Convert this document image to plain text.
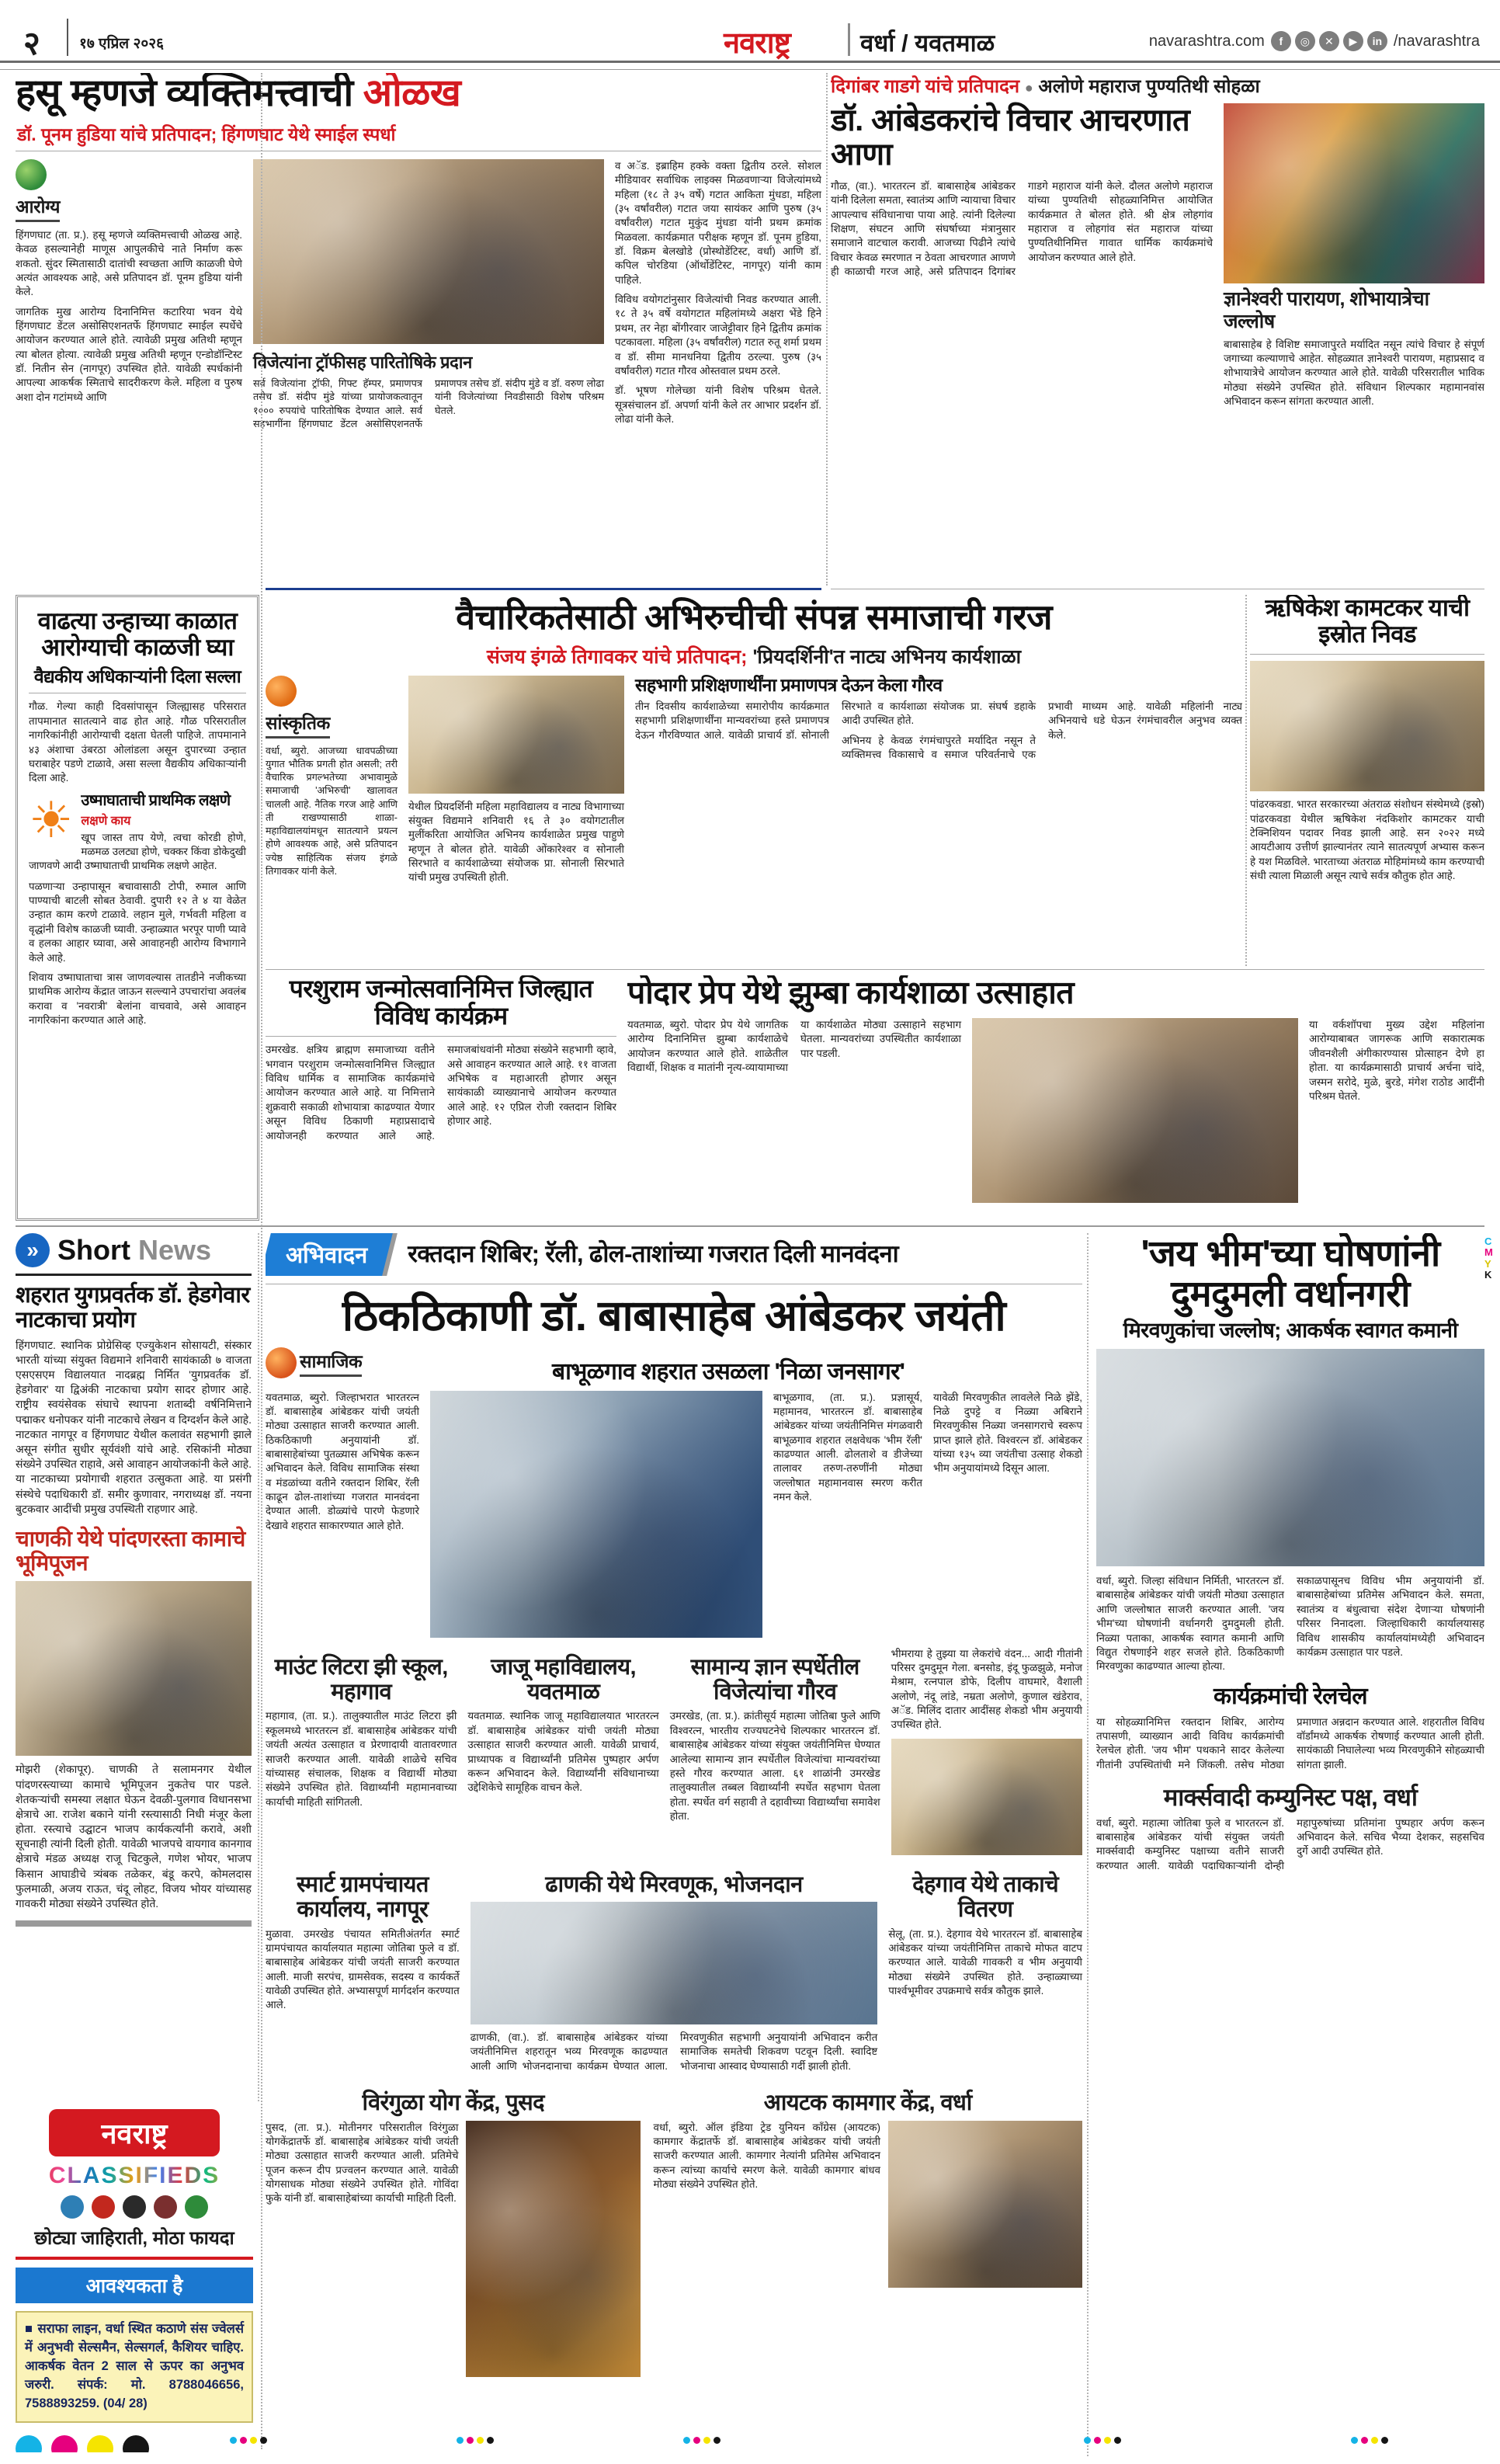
२	१७ एप्रिल २०२६	नवराष्ट्र	वर्धा / यवतमाळ	navarashtra.com	f	◎	✕	▶	in /navarashtra
हसू म्हणजे व्यक्तिमत्त्वाची ओळख
डॉ. पूनम हुडिया यांचे प्रतिपादन; हिंगणघाट येथे स्माईल स्पर्धा
आरोग्य

हिंगणघाट (ता. प्र.). हसू म्हणजे व्यक्तिमत्त्वाची ओळख आहे. केवळ हसल्यानेही माणूस आपुलकीचे नाते निर्माण करू शकतो. सुंदर स्मितासाठी दातांची स्वच्छता आणि काळजी घेणे अत्यंत आवश्यक आहे, असे प्रतिपादन डॉ. पूनम हुडिया यांनी केले.

जागतिक मुख आरोग्य दिनानिमित्त कटारिया भवन येथे हिंगणघाट डेंटल असोसिएशनतर्फे हिंगणघाट स्माईल स्पर्धेचे आयोजन करण्यात आले होते. त्यावेळी प्रमुख अतिथी म्हणून त्या बोलत होत्या. त्यावेळी प्रमुख अतिथी म्हणून एन्डोडॉन्टिस्ट डॉ. नितीन सेन (नागपूर) उपस्थित होते. यावेळी स्पर्धकांनी आपल्या आकर्षक स्मिताचे सादरीकरण केले. महिला व पुरुष अशा दोन गटांमध्ये आणि

विजेत्यांना ट्रॉफीसह पारितोषिके प्रदान
सर्व विजेत्यांना ट्रॉफी, गिफ्ट हॅम्पर, प्रमाणपत्र तसेच डॉ. संदीप मुंडे यांच्या प्रायोजकत्वातून १००० रुपयांचे पारितोषिक देण्यात आले. सर्व सहभागींना हिंगणघाट डेंटल असोसिएशनतर्फे प्रमाणपत्र तसेच डॉ. संदीप मुंडे व डॉ. वरुण लोढा यांनी विजेत्यांच्या निवडीसाठी विशेष परिश्रम घेतले.

व अॅड. इब्राहिम हक्के वक्ता द्वितीय ठरले. सोशल मीडियावर सर्वाधिक लाइक्स मिळवणाऱ्या विजेत्यांमध्ये महिला (१८ ते ३५ वर्षे) गटात आकिता मुंधडा, महिला (३५ वर्षांवरील) गटात जया सायंकर आणि पुरुष (३५ वर्षांवरील) गटात मुकुंद मुंधडा यांनी प्रथम क्रमांक मिळवला. कार्यक्रमात परीक्षक म्हणून डॉ. पूनम हुडिया, डॉ. विक्रम बेलखोडे (प्रोस्थोडेंटिस्ट, वर्धा) आणि डॉ. कपिल चोरडिया (ऑर्थोडेंटिस्ट, नागपूर) यांनी काम पाहिले.

विविध वयोगटांनुसार विजेत्यांची निवड करण्यात आली. १८ ते ३५ वर्षे वयोगटात महिलांमध्ये अक्षरा भेंडे हिने प्रथम, तर नेहा बोंगीरवार जाजेट्टीवार हिने द्वितीय क्रमांक पटकावला. महिला (३५ वर्षांवरील) गटात रुतू शर्मा प्रथम व डॉ. सीमा मानधनिया द्वितीय ठरल्या. पुरुष (३५ वर्षांवरील) गटात गौरव ओस्तवाल प्रथम ठरले.

डॉ. भूषण गोलेच्छा यांनी विशेष परिश्रम घेतले. सूत्रसंचालन डॉ. अपर्णा यांनी केले तर आभार प्रदर्शन डॉ. लोढा यांनी केले.

दिगांबर गाडगे यांचे प्रतिपादन ● अलोणे महाराज पुण्यतिथी सोहळा
डॉ. आंबेडकरांचे विचार आचरणात आणा
गौळ, (वा.). भारतरत्न डॉ. बाबासाहेब आंबेडकर यांनी दिलेला समता, स्वातंत्र्य आणि न्यायाचा विचार आपल्याच संविधानाचा पाया आहे. त्यांनी दिलेल्या शिक्षण, संघटन आणि संघर्षाच्या मंत्रानुसार समाजाने वाटचाल करावी. आजच्या पिढीने त्यांचे विचार केवळ स्मरणात न ठेवता आचरणात आणणे ही काळाची गरज आहे, असे प्रतिपादन दिगांबर गाडगे महाराज यांनी केले. दौलत अलोणे महाराज यांच्या पुण्यतिथी सोहळ्यानिमित्त आयोजित कार्यक्रमात ते बोलत होते. श्री क्षेत्र लोहगांव महाराज व लोहगांव संत महाराज यांच्या पुण्यतिथीनिमित्त गावात धार्मिक कार्यक्रमांचे आयोजन करण्यात आले होते.
ज्ञानेश्वरी पारायण, शोभायात्रेचा जल्लोष
बाबासाहेब हे विशिष्ट समाजापुरते मर्यादित नसून त्यांचे विचार हे संपूर्ण जगाच्या कल्याणाचे आहेत. सोहळ्यात ज्ञानेश्वरी पारायण, महाप्रसाद व शोभायात्रेचे आयोजन करण्यात आले होते. यावेळी परिसरातील भाविक मोठ्या संख्येने उपस्थित होते. संविधान शिल्पकार महामानवांस अभिवादन करून सांगता करण्यात आली.
वाढत्या उन्हाच्या काळात आरोग्याची काळजी घ्या
वैद्यकीय अधिकाऱ्यांनी दिला सल्ला

गौळ. गेल्या काही दिवसांपासून जिल्ह्यासह परिसरात तापमानात सातत्याने वाढ होत आहे. गौळ परिसरातील नागरिकांनीही आरोग्याची दक्षता घेतली पाहिजे. तापमानाने ४३ अंशाचा उंबरठा ओलांडला असून दुपारच्या उन्हात घराबाहेर पडणे टाळावे, असा सल्ला वैद्यकीय अधिकाऱ्यांनी दिला आहे.

☀ उष्माघाताची प्राथमिक लक्षणे
लक्षणे काय
खूप जास्त ताप येणे, त्वचा कोरडी होणे, मळमळ उलट्या होणे, चक्कर किंवा डोकेदुखी जाणवणे आदी उष्माघाताची प्राथमिक लक्षणे आहेत.

पळणाऱ्या उन्हापासून बचावासाठी टोपी, रुमाल आणि पाण्याची बाटली सोबत ठेवावी. दुपारी १२ ते ४ या वेळेत उन्हात काम करणे टाळावे. लहान मुले, गर्भवती महिला व वृद्धांनी विशेष काळजी घ्यावी. उन्हाळ्यात भरपूर पाणी प्यावे व हलका आहार घ्यावा, असे आवाहनही आरोग्य विभागाने केले आहे.

शिवाय उष्माघाताचा त्रास जाणवल्यास तातडीने नजीकच्या प्राथमिक आरोग्य केंद्रात जाऊन सल्ल्याने उपचारांचा अवलंब करावा व 'नवरात्री' बेलांना वाचवावे, असे आवाहन नागरिकांना करण्यात आले आहे.

वैचारिकतेसाठी अभिरुचीची संपन्न समाजाची गरज
संजय इंगळे तिगावकर यांचे प्रतिपादन; 'प्रियदर्शिनी'त नाट्य अभिनय कार्यशाळा
सांस्कृतिक
वर्धा, ब्युरो. आजच्या धावपळीच्या युगात भौतिक प्रगती होत असली; तरी वैचारिक प्रगल्भतेच्या अभावामुळे समाजाची 'अभिरुची' खालावत चालली आहे. नैतिक गरज आहे आणि ती राखण्यासाठी शाळा-महाविद्यालयांमधून सातत्याने प्रयत्न होणे आवश्यक आहे, असे प्रतिपादन ज्येष्ठ साहित्यिक संजय इंगळे तिगावकर यांनी केले.
येथील प्रियदर्शिनी महिला महाविद्यालय व नाट्य विभागाच्या संयुक्त विद्यमाने शनिवारी १६ ते ३० वयोगटातील मुलींकरिता आयोजित अभिनय कार्यशाळेत प्रमुख पाहुणे म्हणून ते बोलत होते. यावेळी ओंकारेश्वर व सोनाली सिरभाते व कार्यशाळेच्या संयोजक प्रा. सोनाली सिरभाते यांची प्रमुख उपस्थिती होती.
सहभागी प्रशिक्षणार्थींना प्रमाणपत्र देऊन केला गौरव

तीन दिवसीय कार्यशाळेच्या समारोपीय कार्यक्रमात सहभागी प्रशिक्षणार्थींना मान्यवरांच्या हस्ते प्रमाणपत्र देऊन गौरविण्यात आले. यावेळी प्राचार्य डॉ. सोनाली सिरभाते व कार्यशाळा संयोजक प्रा. संघर्ष डहाके आदी उपस्थित होते.

अभिनय हे केवळ रंगमंचापुरते मर्यादित नसून ते व्यक्तिमत्त्व विकासाचे व समाज परिवर्तनाचे एक प्रभावी माध्यम आहे. यावेळी महिलांनी नाट्य अभिनयाचे धडे घेऊन रंगमंचावरील अनुभव व्यक्त केले.

ऋषिकेश कामटकर याची इस्रोत निवड
पांढरकवडा. भारत सरकारच्या अंतराळ संशोधन संस्थेमध्ये (इस्रो) पांढरकवडा येथील ऋषिकेश नंदकिशोर कामटकर याची टेक्निशियन पदावर निवड झाली आहे. सन २०२२ मध्ये आयटीआय उत्तीर्ण झाल्यानंतर त्याने सातत्यपूर्ण अभ्यास करून हे यश मिळविले. भारताच्या अंतराळ मोहिमांमध्ये काम करण्याची संधी त्याला मिळाली असून त्याचे सर्वत्र कौतुक होत आहे.
परशुराम जन्मोत्सवानिमित्त जिल्ह्यात विविध कार्यक्रम
उमरखेड. क्षत्रिय ब्राह्मण समाजाच्या वतीने भगवान परशुराम जन्मोत्सवानिमित्त जिल्ह्यात विविध धार्मिक व सामाजिक कार्यक्रमांचे आयोजन करण्यात आले आहे. या निमित्ताने शुक्रवारी सकाळी शोभायात्रा काढण्यात येणार असून विविध ठिकाणी महाप्रसादाचे आयोजनही करण्यात आले आहे. समाजबांधवांनी मोठ्या संख्येने सहभागी व्हावे, असे आवाहन करण्यात आले आहे. ११ वाजता अभिषेक व महाआरती होणार असून सायंकाळी व्याख्यानाचे आयोजन करण्यात आले आहे. १२ एप्रिल रोजी रक्तदान शिबिर होणार आहे.
पोदार प्रेप येथे झुम्बा कार्यशाळा उत्साहात
यवतमाळ, ब्युरो. पोदार प्रेप येथे जागतिक आरोग्य दिनानिमित्त झुम्बा कार्यशाळेचे आयोजन करण्यात आले होते. शाळेतील विद्यार्थी, शिक्षक व मातांनी नृत्य-व्यायामाच्या या कार्यशाळेत मोठ्या उत्साहाने सहभाग घेतला. मान्यवरांच्या उपस्थितीत कार्यशाळा पार पडली.
या वर्कशॉपचा मुख्य उद्देश महिलांना आरोग्याबाबत जागरूक आणि सकारात्मक जीवनशैली अंगीकारण्यास प्रोत्साहन देणे हा होता. या कार्यक्रमासाठी प्राचार्य अर्चना चांदे, जस्मन सरोदे, मुळे, बुरडे, मंगेश राठोड आदींनी परिश्रम घेतले.
» Short News
शहरात युगप्रवर्तक डॉ. हेडगेवार नाटकाचा प्रयोग
हिंगणघाट. स्थानिक प्रोग्रेसिव्ह एज्युकेशन सोसायटी, संस्कार भारती यांच्या संयुक्त विद्यमाने शनिवारी सायंकाळी ७ वाजता एसएसएम विद्यालयात नादब्रह्म निर्मित 'युगप्रवर्तक डॉ. हेडगेवार' या द्विअंकी नाटकाचा प्रयोग सादर होणार आहे. राष्ट्रीय स्वयंसेवक संघाचे स्थापना शताब्दी वर्षनिमित्ताने पद्माकर धनोपकर यांनी नाटकाचे लेखन व दिग्दर्शन केले आहे. नाटकात नागपूर व हिंगणघाट येथील कलावंत सहभागी झाले असून संगीत सुधीर सूर्यवंशी यांचे आहे. रसिकांनी मोठ्या संख्येने उपस्थित राहावे, असे आवाहन आयोजकांनी केले आहे. या नाटकाच्या प्रयोगाची शहरात उत्सुकता आहे. या प्रसंगी संस्थेचे पदाधिकारी डॉ. समीर कुणावार, नगराध्यक्ष डॉ. नयना बुटकवार आदींची प्रमुख उपस्थिती राहणार आहे.
चाणकी येथे पांदणरस्ता कामाचे भूमिपूजन
मोझरी (शेकापूर). चाणकी ते सलामनगर येथील पांदणरस्त्याच्या कामाचे भूमिपूजन नुकतेच पार पडले. शेतकऱ्यांची समस्या लक्षात घेऊन देवळी-पुलगाव विधानसभा क्षेत्राचे आ. राजेश बकाने यांनी रस्त्यासाठी निधी मंजूर केला होता. रस्त्याचे उद्घाटन भाजप कार्यकर्त्यांनी करावे, अशी सूचनाही त्यांनी दिली होती. यावेळी भाजपचे वायगाव कानगाव क्षेत्राचे मंडळ अध्यक्ष राजू चिटकुले, गणेश भोयर, भाजप किसान आघाडीचे त्र्यंबक तळेकर, बंडू करपे, कोमलदास फुलमाळी, अजय राऊत, चंदू लोहट, विजय भोयर यांच्यासह गावकरी मोठ्या संख्येने उपस्थित होते.
नवराष्ट्र
CLASSIFIEDS
छोट्या जाहिराती, मोठा फायदा
आवश्यकता है
■ सराफा लाइन, वर्धा स्थित कठाणे संस ज्वेलर्स में अनुभवी सेल्समैन, सेल्सगर्ल, कैशियर चाहिए. आकर्षक वेतन 2 साल से ऊपर का अनुभव जरुरी. संपर्क: मो. 8788046656, 7588893259. (04/ 28)
अभिवादन	रक्तदान शिबिर; रॅली, ढोल-ताशांच्या गजरात दिली मानवंदना
ठिकठिकाणी डॉ. बाबासाहेब आंबेडकर जयंती
सामाजिक	बाभूळगाव शहरात उसळला 'निळा जनसागर'
यवतमाळ, ब्युरो. जिल्हाभरात भारतरत्न डॉ. बाबासाहेब आंबेडकर यांची जयंती मोठ्या उत्साहात साजरी करण्यात आली. ठिकठिकाणी अनुयायांनी डॉ. बाबासाहेबांच्या पुतळ्यास अभिषेक करून अभिवादन केले. विविध सामाजिक संस्था व मंडळांच्या वतीने रक्तदान शिबिर, रॅली काढून ढोल-ताशांच्या गजरात मानवंदना देण्यात आली. डोळ्यांचे पारणे फेडणारे देखावे शहरात साकारण्यात आले होते.
बाभूळगाव, (ता. प्र.). प्रज्ञासूर्य, महामानव, भारतरत्न डॉ. बाबासाहेब आंबेडकर यांच्या जयंतीनिमित्त मंगळवारी बाभूळगाव शहरात लक्षवेधक 'भीम रॅली' काढण्यात आली. ढोलताशे व डीजेच्या तालावर तरुण-तरुणींनी मोठ्या जल्लोषात महामानवास स्मरण करीत नमन केले.
यावेळी मिरवणुकीत लावलेले निळे झेंडे, निळे दुपट्टे व निळ्या अबिराने मिरवणुकीस निळ्या जनसागराचे स्वरूप प्राप्त झाले होते. विश्वरत्न डॉ. आंबेडकर यांच्या १३५ व्या जयंतीचा उत्साह शेकडो भीम अनुयायांमध्ये दिसून आला.
माउंट लिटरा झी स्कूल, महागाव
महागाव, (ता. प्र.). तालुक्यातील माउंट लिटरा झी स्कूलमध्ये भारतरत्न डॉ. बाबासाहेब आंबेडकर यांची जयंती अत्यंत उत्साहात व प्रेरणादायी वातावरणात साजरी करण्यात आली. यावेळी शाळेचे सचिव यांच्यासह संचालक, शिक्षक व विद्यार्थी मोठ्या संख्येने उपस्थित होते. विद्यार्थ्यांनी महामानवाच्या कार्याची माहिती सांगितली.
जाजू महाविद्यालय, यवतमाळ
यवतमाळ. स्थानिक जाजू महाविद्यालयात भारतरत्न डॉ. बाबासाहेब आंबेडकर यांची जयंती मोठ्या उत्साहात साजरी करण्यात आली. यावेळी प्राचार्य, प्राध्यापक व विद्यार्थ्यांनी प्रतिमेस पुष्पहार अर्पण करून अभिवादन केले. विद्यार्थ्यांनी संविधानाच्या उद्देशिकेचे सामूहिक वाचन केले.
सामान्य ज्ञान स्पर्धेतील विजेत्यांचा गौरव
उमरखेड, (ता. प्र.). क्रांतीसूर्य महात्मा जोतिबा फुले आणि विश्वरत्न, भारतीय राज्यघटनेचे शिल्पकार भारतरत्न डॉ. बाबासाहेब आंबेडकर यांच्या संयुक्त जयंतीनिमित्त घेण्यात आलेल्या सामान्य ज्ञान स्पर्धेतील विजेत्यांचा मान्यवरांच्या हस्ते गौरव करण्यात आला. ६१ शाळांनी उमरखेड तालुक्यातील तब्बल विद्यार्थ्यांनी स्पर्धेत सहभाग घेतला होता. स्पर्धेत वर्ग सहावी ते दहावीच्या विद्यार्थ्यांचा समावेश होता.
भीमराया हे तुझ्या या लेकरांचे वंदन... आदी गीतांनी परिसर दुमदुमून गेला. बनसोड, इंदू फुळझुळे, मनोज मेश्राम, रत्नपाल डोफे, दिलीप वाघमारे, वैशाली अलोणे, नंदू लांडे, नम्रता अलोणे, कुणाल खंडेराव, अॅड. मिलिंद दातार आदींसह शेकडो भीम अनुयायी उपस्थित होते.
स्मार्ट ग्रामपंचायत कार्यालय, नागपूर
मुळावा. उमरखेड पंचायत समितीअंतर्गत स्मार्ट ग्रामपंचायत कार्यालयात महात्मा जोतिबा फुले व डॉ. बाबासाहेब आंबेडकर यांची जयंती साजरी करण्यात आली. माजी सरपंच, ग्रामसेवक, सदस्य व कार्यकर्ते यावेळी उपस्थित होते. अभ्यासपूर्ण मार्गदर्शन करण्यात आले.
ढाणकी येथे मिरवणूक, भोजनदान
ढाणकी, (वा.). डॉ. बाबासाहेब आंबेडकर यांच्या जयंतीनिमित्त शहरातून भव्य मिरवणूक काढण्यात आली आणि भोजनदानाचा कार्यक्रम घेण्यात आला. मिरवणुकीत सहभागी अनुयायांनी अभिवादन करीत सामाजिक समतेची शिकवण पटवून दिली. स्वादिष्ट भोजनाचा आस्वाद घेण्यासाठी गर्दी झाली होती.
देहगाव येथे ताकाचे वितरण
सेलू, (ता. प्र.). देहगाव येथे भारतरत्न डॉ. बाबासाहेब आंबेडकर यांच्या जयंतीनिमित्त ताकाचे मोफत वाटप करण्यात आले. यावेळी गावकरी व भीम अनुयायी मोठ्या संख्येने उपस्थित होते. उन्हाळ्याच्या पार्श्वभूमीवर उपक्रमाचे सर्वत्र कौतुक झाले.
विरंगुळा योग केंद्र, पुसद
पुसद, (ता. प्र.). मोतीनगर परिसरातील विरंगुळा योगकेंद्रातर्फे डॉ. बाबासाहेब आंबेडकर यांची जयंती मोठ्या उत्साहात साजरी करण्यात आली. प्रतिमेचे पूजन करून दीप प्रज्वलन करण्यात आले. यावेळी योगसाधक मोठ्या संख्येने उपस्थित होते. गोविंदा फुके यांनी डॉ. बाबासाहेबांच्या कार्याची माहिती दिली.
आयटक कामगार केंद्र, वर्धा
वर्धा, ब्युरो. ऑल इंडिया ट्रेड युनियन काँग्रेस (आयटक) कामगार केंद्रातर्फे डॉ. बाबासाहेब आंबेडकर यांची जयंती साजरी करण्यात आली. कामगार नेत्यांनी प्रतिमेस अभिवादन करून त्यांच्या कार्याचे स्मरण केले. यावेळी कामगार बांधव मोठ्या संख्येने उपस्थित होते.
'जय भीम'च्या घोषणांनी दुमदुमली वर्धानगरी
मिरवणुकांचा जल्लोष; आकर्षक स्वागत कमानी

वर्धा, ब्युरो. जिल्हा संविधान निर्मिती, भारतरत्न डॉ. बाबासाहेब आंबेडकर यांची जयंती मोठ्या उत्साहात आणि जल्लोषात साजरी करण्यात आली. 'जय भीम'च्या घोषणांनी वर्धानगरी दुमदुमली होती. निळ्या पताका, आकर्षक स्वागत कमानी आणि विद्युत रोषणाईने शहर सजले होते. ठिकठिकाणी मिरवणुका काढण्यात आल्या होत्या.

सकाळपासूनच विविध भीम अनुयायांनी डॉ. बाबासाहेबांच्या प्रतिमेस अभिवादन केले. समता, स्वातंत्र्य व बंधुत्वाचा संदेश देणाऱ्या घोषणांनी परिसर निनादला. जिल्हाधिकारी कार्यालयासह विविध शासकीय कार्यालयांमध्येही अभिवादन कार्यक्रम उत्साहात पार पडले.

कार्यक्रमांची रेलचेल
या सोहळ्यानिमित्त रक्तदान शिबिर, आरोग्य तपासणी, व्याख्यान आदी विविध कार्यक्रमांची रेलचेल होती. 'जय भीम' पथकाने सादर केलेल्या गीतांनी उपस्थितांची मने जिंकली. तसेच मोठ्या प्रमाणात अन्नदान करण्यात आले. शहरातील विविध वॉर्डांमध्ये आकर्षक रोषणाई करण्यात आली होती. सायंकाळी निघालेल्या भव्य मिरवणुकीने सोहळ्याची सांगता झाली.
मार्क्सवादी कम्युनिस्ट पक्ष, वर्धा
वर्धा, ब्युरो. महात्मा जोतिबा फुले व भारतरत्न डॉ. बाबासाहेब आंबेडकर यांची संयुक्त जयंती मार्क्सवादी कम्युनिस्ट पक्षाच्या वतीने साजरी करण्यात आली. यावेळी पदाधिकाऱ्यांनी दोन्ही महापुरुषांच्या प्रतिमांना पुष्पहार अर्पण करून अभिवादन केले. सचिव भैय्या देशकर, सहसचिव दुर्गे आदी उपस्थित होते.
C
M
Y
K
